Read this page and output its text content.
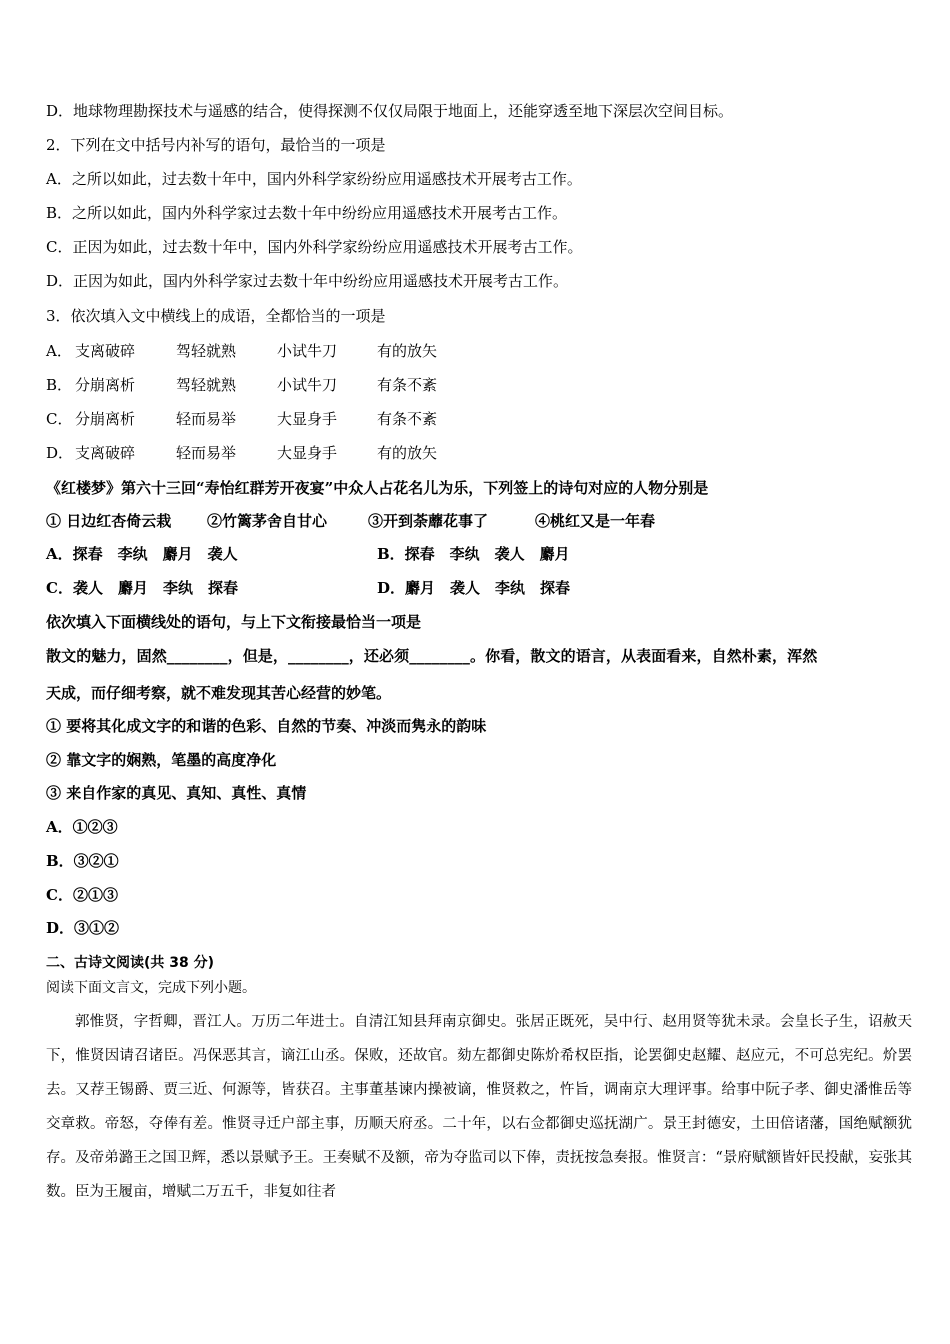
D．地球物理勘探技术与遥感的结合，使得探测不仅仅局限于地面上，还能穿透至地下深层次空间目标。
2．下列在文中括号内补写的语句，最恰当的一项是
A．之所以如此，过去数十年中，国内外科学家纷纷应用遥感技术开展考古工作。
B．之所以如此，国内外科学家过去数十年中纷纷应用遥感技术开展考古工作。
C．正因为如此，过去数十年中，国内外科学家纷纷应用遥感技术开展考古工作。
D．正因为如此，国内外科学家过去数十年中纷纷应用遥感技术开展考古工作。
3．依次填入文中横线上的成语，全都恰当的一项是
A． 支离破碎	驾轻就熟	小试牛刀	有的放矢
B． 分崩离析	驾轻就熟	小试牛刀	有条不紊
C． 分崩离析	轻而易举	大显身手	有条不紊
D． 支离破碎	轻而易举	大显身手	有的放矢
《红楼梦》第六十三回“寿怡红群芳开夜宴”中众人占花名儿为乐，下列签上的诗句对应的人物分别是
① 日边红杏倚云栽 ②竹篱茅舍自甘心	③开到荼蘼花事了	④桃红又是一年春
A．探春　李纨　麝月　袭人	B．探春　李纨　袭人　麝月
C．袭人　麝月　李纨　探春	D．麝月　袭人　李纨　探春
依次填入下面横线处的语句，与上下文衔接最恰当一项是
散文的魅力，固然________，但是，________，还必须________。你看，散文的语言，从表面看来，自然朴素，浑然
天成，而仔细考察，就不难发现其苦心经营的妙笔。
① 要将其化成文字的和谐的色彩、自然的节奏、冲淡而隽永的韵味
② 靠文字的娴熟，笔墨的高度净化
③ 来自作家的真见、真知、真性、真情
A．①②③
B．③②①
C．②①③
D．③①②
二、古诗文阅读(共 38 分)
阅读下面文言文，完成下列小题。
郭惟贤，字哲卿，晋江人。万历二年进士。自清江知县拜南京御史。张居正既死，吴中行、赵用贤等犹未录。会皇长子生，诏赦天下，惟贤因请召诸臣。冯保恶其言，谪江山丞。保败，还故官。劾左都御史陈炌希权臣指，论罢御史赵耀、赵应元，不可总宪纪。炌罢去。又荐王锡爵、贾三近、何源等，皆获召。主事董基谏内操被谪，惟贤救之，忤旨，调南京大理评事。给事中阮子孝、御史潘惟岳等交章救。帝怒，夺俸有差。惟贤寻迁户部主事，历顺天府丞。二十年，以右佥都御史巡抚湖广。景王封德安，土田倍诸藩，国绝赋额犹存。及帝弟潞王之国卫辉，悉以景赋予王。王奏赋不及额，帝为夺监司以下俸，责抚按急奏报。惟贤言：“景府赋额皆奸民投献，妄张其数。臣为王履亩，增赋二万五千，非复如往者
